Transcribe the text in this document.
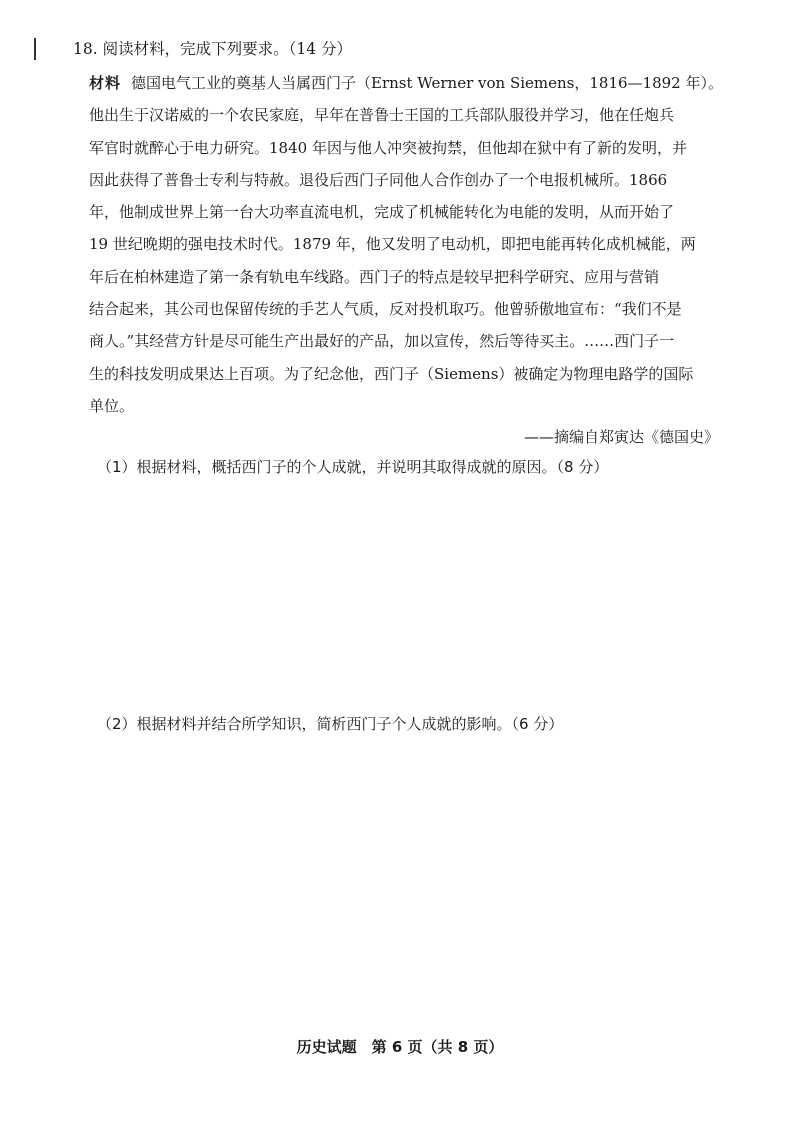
18. 阅读材料，完成下列要求。（14 分）
材料 德国电气工业的奠基人当属西门子（Ernst Werner von Siemens，1816—1892 年）。
他出生于汉诺威的一个农民家庭，早年在普鲁士王国的工兵部队服役并学习，他在任炮兵
军官时就醉心于电力研究。1840 年因与他人冲突被拘禁，但他却在狱中有了新的发明，并
因此获得了普鲁士专利与特赦。退役后西门子同他人合作创办了一个电报机械所。1866
年，他制成世界上第一台大功率直流电机，完成了机械能转化为电能的发明，从而开始了
19 世纪晚期的强电技术时代。1879 年，他又发明了电动机，即把电能再转化成机械能，两
年后在柏林建造了第一条有轨电车线路。西门子的特点是较早把科学研究、应用与营销
结合起来，其公司也保留传统的手艺人气质，反对投机取巧。他曾骄傲地宣布：“我们不是
商人。”其经营方针是尽可能生产出最好的产品，加以宣传，然后等待买主。……西门子一
生的科技发明成果达上百项。为了纪念他，西门子（Siemens）被确定为物理电路学的国际
单位。
——摘编自郑寅达《德国史》
（1）根据材料，概括西门子的个人成就，并说明其取得成就的原因。（8 分）
（2）根据材料并结合所学知识，简析西门子个人成就的影响。（6 分）
历史试题　第 6 页（共 8 页）
